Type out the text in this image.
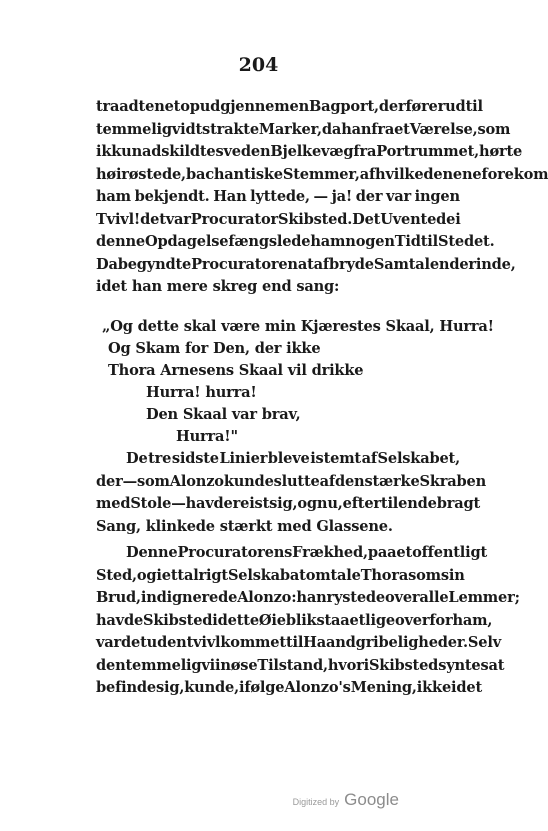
204
traadte netop ud gjennem en Bagport, der fører ud til
temmelig vidtstrakte Marker, da han fra et Værelse, som
ikkun adskildtes ved en Bjelkevæg fra Portrummet, hørte
høirøstede, bachantiske Stemmer, af hvilke den ene forekom
ham bekjendt. Han lyttede, — ja! der var ingen
Tvivl! det var Procurator Skibsted. Det Uventede i
denne Opdagelse fængslede ham nogen Tid til Stedet.
Da begyndte Procuratoren at afbryde Samtalen derinde,
idet han mere skreg end sang:
„Og dette skal være min Kjærestes Skaal, Hurra!
Og Skam for Den, der ikke
Thora Arnesens Skaal vil drikke
Hurra! hurra!
Den Skaal var brav,
Hurra!"
De tre sidste Linier bleve istemt af Selskabet,
der — som Alonzo kunde slutte af den stærke Skraben
med Stole — havde reist sig, og nu, efter tilendebragt
Sang, klinkede stærkt med Glassene.
Denne Procuratorens Frækhed, paa et offentligt
Sted, og i et talrigt Selskab at omtale Thora som sin
Brud, indignerede Alonzo: han rystede over alle Lemmer;
havde Skibsted i dette Øieblik staaet ligeoverfor ham,
var det udentvivl kommet til Haandgribeligheder. Selv
den temmelig viinøse Tilstand, hvori Skibsted syntes at
befinde sig, kunde, ifølge Alonzo's Mening, ikke i det
Digitized by Google
